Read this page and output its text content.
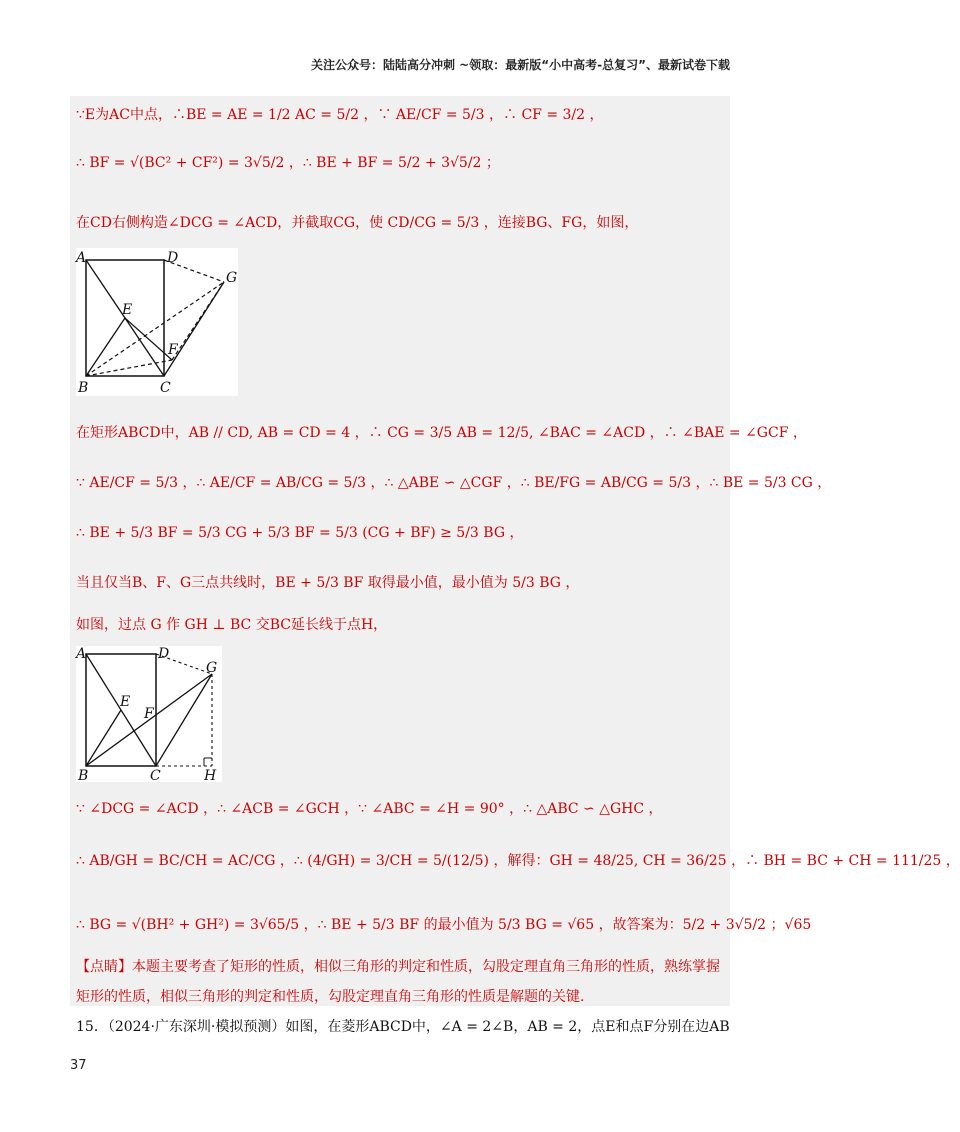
关注公众号：陆陆高分冲刺 ~领取：最新版“小中高考-总复习”、最新试卷下载
∵E为AC中点，∴BE = AE = 1/2 AC = 5/2 ，∵ AE/CF = 5/3 ，∴ CF = 3/2 ，
∴ BF = √(BC² + CF²) = 3√5/2 ，∴ BE + BF = 5/2 + 3√5/2 ；
在CD右侧构造∠DCG = ∠ACD，并截取CG，使 CD/CG = 5/3 ，连接BG、FG，如图，
A	D
G
E
F
B	C
在矩形ABCD中，AB // CD, AB = CD = 4 ，∴ CG = 3/5 AB = 12/5, ∠BAC = ∠ACD ，∴ ∠BAE = ∠GCF ，
∵ AE/CF = 5/3 ，∴ AE/CF = AB/CG = 5/3 ，∴ △ABE ∽ △CGF ，∴ BE/FG = AB/CG = 5/3 ，∴ BE = 5/3 CG ，
∴ BE + 5/3 BF = 5/3 CG + 5/3 BF = 5/3 (CG + BF) ≥ 5/3 BG ，
当且仅当B、F、G三点共线时，BE + 5/3 BF 取得最小值，最小值为 5/3 BG ，
如图，过点 G 作 GH ⊥ BC 交BC延长线于点H，
A	D
G
E
F
B	C	H
∵ ∠DCG = ∠ACD ，∴ ∠ACB = ∠GCH ，∵ ∠ABC = ∠H = 90° ，∴ △ABC ∽ △GHC ，
∴ AB/GH = BC/CH = AC/CG ，∴ (4/GH) = 3/CH = 5/(12/5) ，解得：GH = 48/25, CH = 36/25 ，∴ BH = BC + CH = 111/25 ，
∴ BG = √(BH² + GH²) = 3√65/5 ，∴ BE + 5/3 BF 的最小值为 5/3 BG = √65 ，故答案为：5/2 + 3√5/2 ；√65
【点睛】本题主要考查了矩形的性质，相似三角形的判定和性质，勾股定理直角三角形的性质，熟练掌握
矩形的性质，相似三角形的判定和性质，勾股定理直角三角形的性质是解题的关键.
15．（2024·广东深圳·模拟预测）如图，在菱形ABCD中，∠A = 2∠B，AB = 2，点E和点F分别在边AB
37
